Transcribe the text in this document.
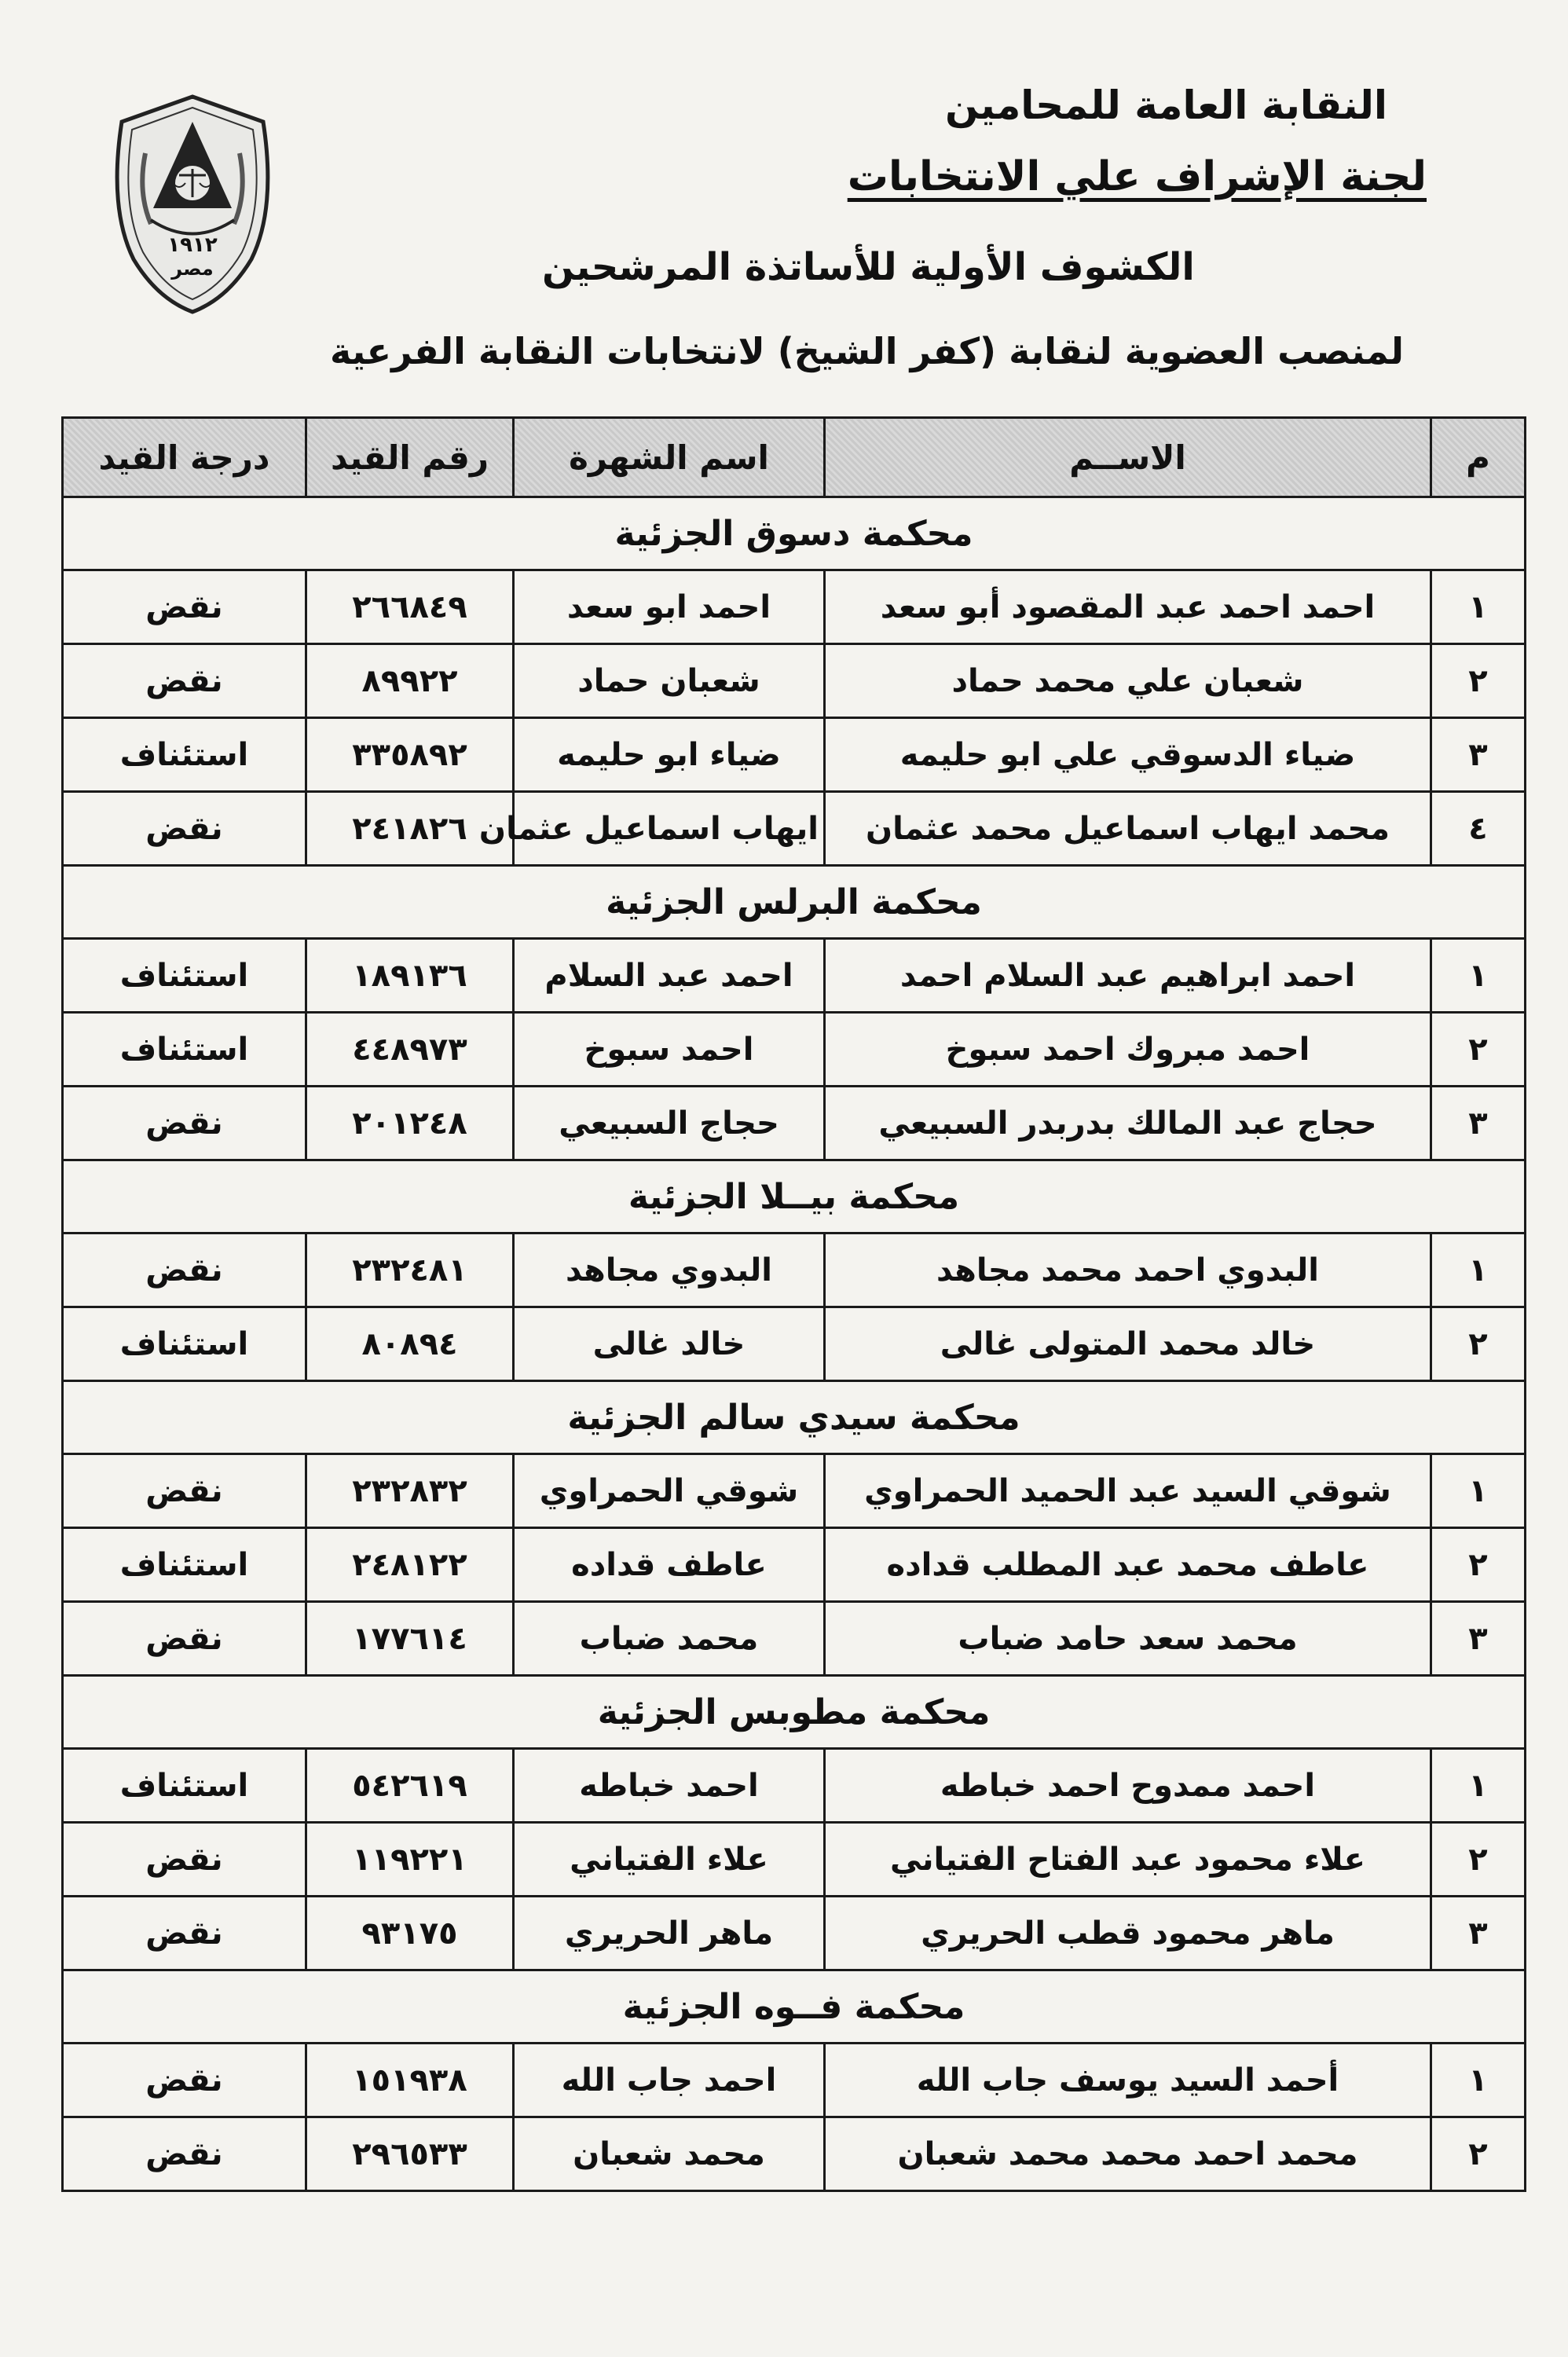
١٩١٢
مصر
النقابة العامة للمحامين
لجنة الإشراف علي الانتخابات
الكشوف الأولية للأساتذة المرشحين
لمنصب العضوية لنقابة (كفر الشيخ) لانتخابات النقابة الفرعية
م	الاســم	اسم الشهرة	رقم القيد	درجة القيد
محكمة دسوق الجزئية				
١	احمد احمد عبد المقصود أبو سعد	احمد ابو سعد	٢٦٦٨٤٩	نقض
٢	شعبان علي محمد حماد	شعبان حماد	٨٩٩٢٢	نقض
٣	ضياء الدسوقي علي ابو حليمه	ضياء ابو حليمه	٣٣٥٨٩٢	استئناف
٤	محمد ايهاب اسماعيل محمد عثمان	ايهاب اسماعيل عثمان	٢٤١٨٢٦	نقض
محكمة البرلس الجزئية				
١	احمد ابراهيم عبد السلام احمد	احمد عبد السلام	١٨٩١٣٦	استئناف
٢	احمد مبروك احمد سبوخ	احمد سبوخ	٤٤٨٩٧٣	استئناف
٣	حجاج عبد المالك بدربدر السبيعي	حجاج السبيعي	٢٠١٢٤٨	نقض
محكمة بيــلا الجزئية				
١	البدوي احمد محمد مجاهد	البدوي مجاهد	٢٣٢٤٨١	نقض
٢	خالد محمد المتولى غالى	خالد غالى	٨٠٨٩٤	استئناف
محكمة سيدي سالم الجزئية				
١	شوقي السيد عبد الحميد الحمراوي	شوقي الحمراوي	٢٣٢٨٣٢	نقض
٢	عاطف محمد عبد المطلب قداده	عاطف قداده	٢٤٨١٢٢	استئناف
٣	محمد سعد حامد ضباب	محمد ضباب	١٧٧٦١٤	نقض
محكمة مطوبس الجزئية				
١	احمد ممدوح احمد خباطه	احمد خباطه	٥٤٢٦١٩	استئناف
٢	علاء محمود عبد الفتاح الفتياني	علاء الفتياني	١١٩٢٢١	نقض
٣	ماهر محمود قطب الحريري	ماهر الحريري	٩٣١٧٥	نقض
محكمة فــوه الجزئية				
١	أحمد السيد يوسف جاب الله	احمد جاب الله	١٥١٩٣٨	نقض
٢	محمد احمد محمد محمد شعبان	محمد شعبان	٢٩٦٥٣٣	نقض
